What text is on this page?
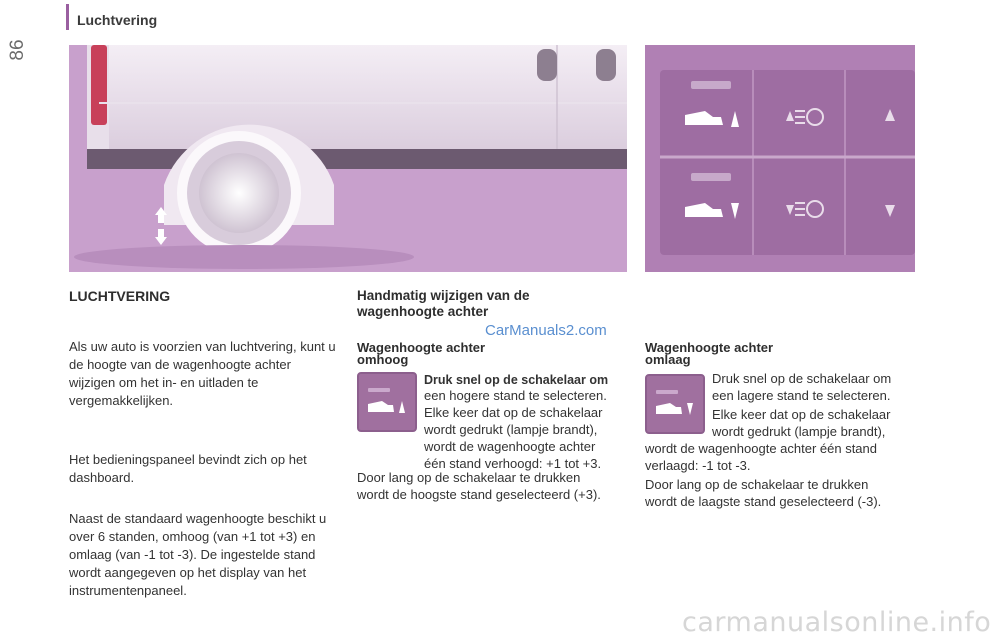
86
Luchtvering
LUCHTVERING
Als uw auto is voorzien van luchtvering, kunt u de hoogte van de wagenhoogte achter wijzigen om het in- en uitladen te vergemakkelijken.
Het bedieningspaneel bevindt zich op het dashboard.
Naast de standaard wagenhoogte beschikt u over 6 standen, omhoog (van +1 tot +3) en omlaag (van -1 tot -3). De ingestelde stand wordt aangegeven op het display van het instrumentenpaneel.
Handmatig wijzigen van de
wagenhoogte achter
CarManuals2.com
Wagenhoogte achter
omhoog
Druk snel op de schakelaar om
een hogere stand te selecteren.
Elke keer dat op de schakelaar
wordt gedrukt (lampje brandt),
wordt de wagenhoogte achter
één stand verhoogd: +1 tot +3.
Door lang op de schakelaar te drukken
wordt de hoogste stand geselecteerd (+3).
Wagenhoogte achter
omlaag
Druk snel op de schakelaar om
een lagere stand te selecteren.
Elke keer dat op de schakelaar
wordt gedrukt (lampje brandt),
wordt de wagenhoogte achter één stand
verlaagd: -1 tot -3.
Door lang op de schakelaar te drukken
wordt de laagste stand geselecteerd (-3).
carmanualsonline.info
